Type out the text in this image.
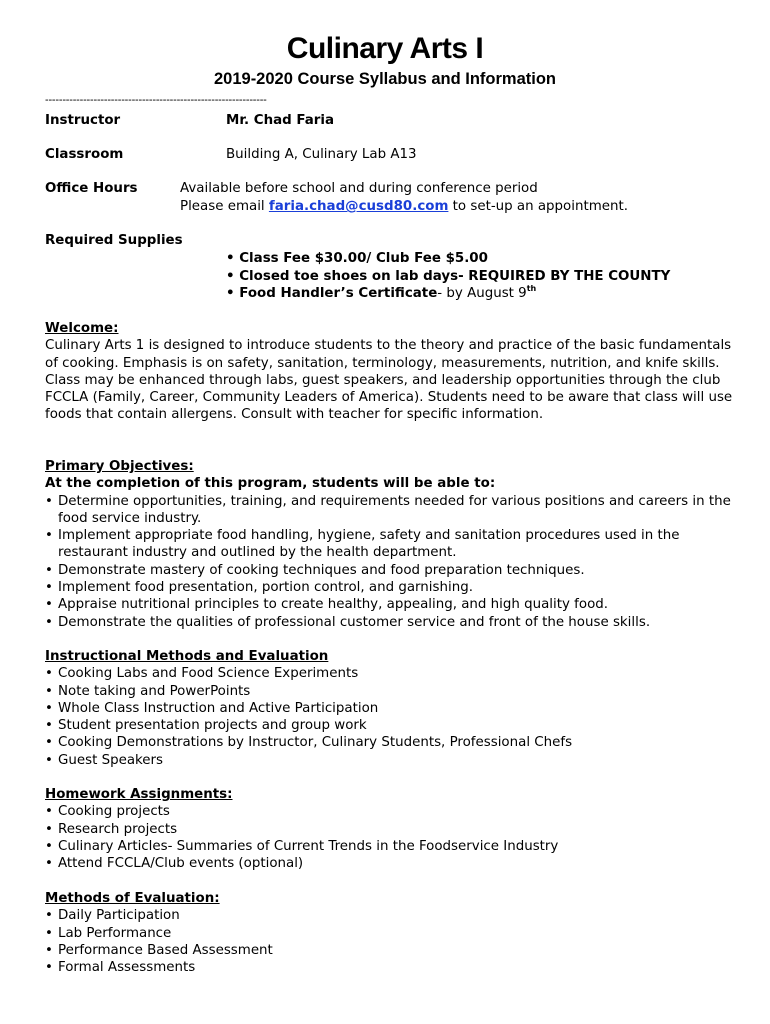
Culinary Arts I
2019-2020 Course Syllabus and Information
----------------------------------------------------------------
Instructor	Mr. Chad Faria
Classroom	Building A, Culinary Lab A13
Office Hours	Available before school and during conference period
Please email faria.chad@cusd80.com to set-up an appointment.
Required Supplies
• Class Fee $30.00/ Club Fee $5.00
• Closed toe shoes on lab days- REQUIRED BY THE COUNTY
• Food Handler’s Certificate- by August 9th
Welcome:

Culinary Arts 1 is designed to introduce students to the theory and practice of the basic fundamentals of cooking. Emphasis is on safety, sanitation, terminology, measurements, nutrition, and knife skills. Class may be enhanced through labs, guest speakers, and leadership opportunities through the club FCCLA (Family, Career, Community Leaders of America). Students need to be aware that class will use foods that contain allergens. Consult with teacher for specific information.

Primary Objectives:
At the completion of this program, students will be able to:
• Determine opportunities, training, and requirements needed for various positions and careers in the food service industry.
• Implement appropriate food handling, hygiene, safety and sanitation procedures used in the restaurant industry and outlined by the health department.
• Demonstrate mastery of cooking techniques and food preparation techniques.
• Implement food presentation, portion control, and garnishing.
• Appraise nutritional principles to create healthy, appealing, and high quality food.
• Demonstrate the qualities of professional customer service and front of the house skills.
Instructional Methods and Evaluation
• Cooking Labs and Food Science Experiments
• Note taking and PowerPoints
• Whole Class Instruction and Active Participation
• Student presentation projects and group work
• Cooking Demonstrations by Instructor, Culinary Students, Professional Chefs
• Guest Speakers
Homework Assignments:
• Cooking projects
• Research projects
• Culinary Articles- Summaries of Current Trends in the Foodservice Industry
• Attend FCCLA/Club events (optional)
Methods of Evaluation:
• Daily Participation
• Lab Performance
• Performance Based Assessment
• Formal Assessments
